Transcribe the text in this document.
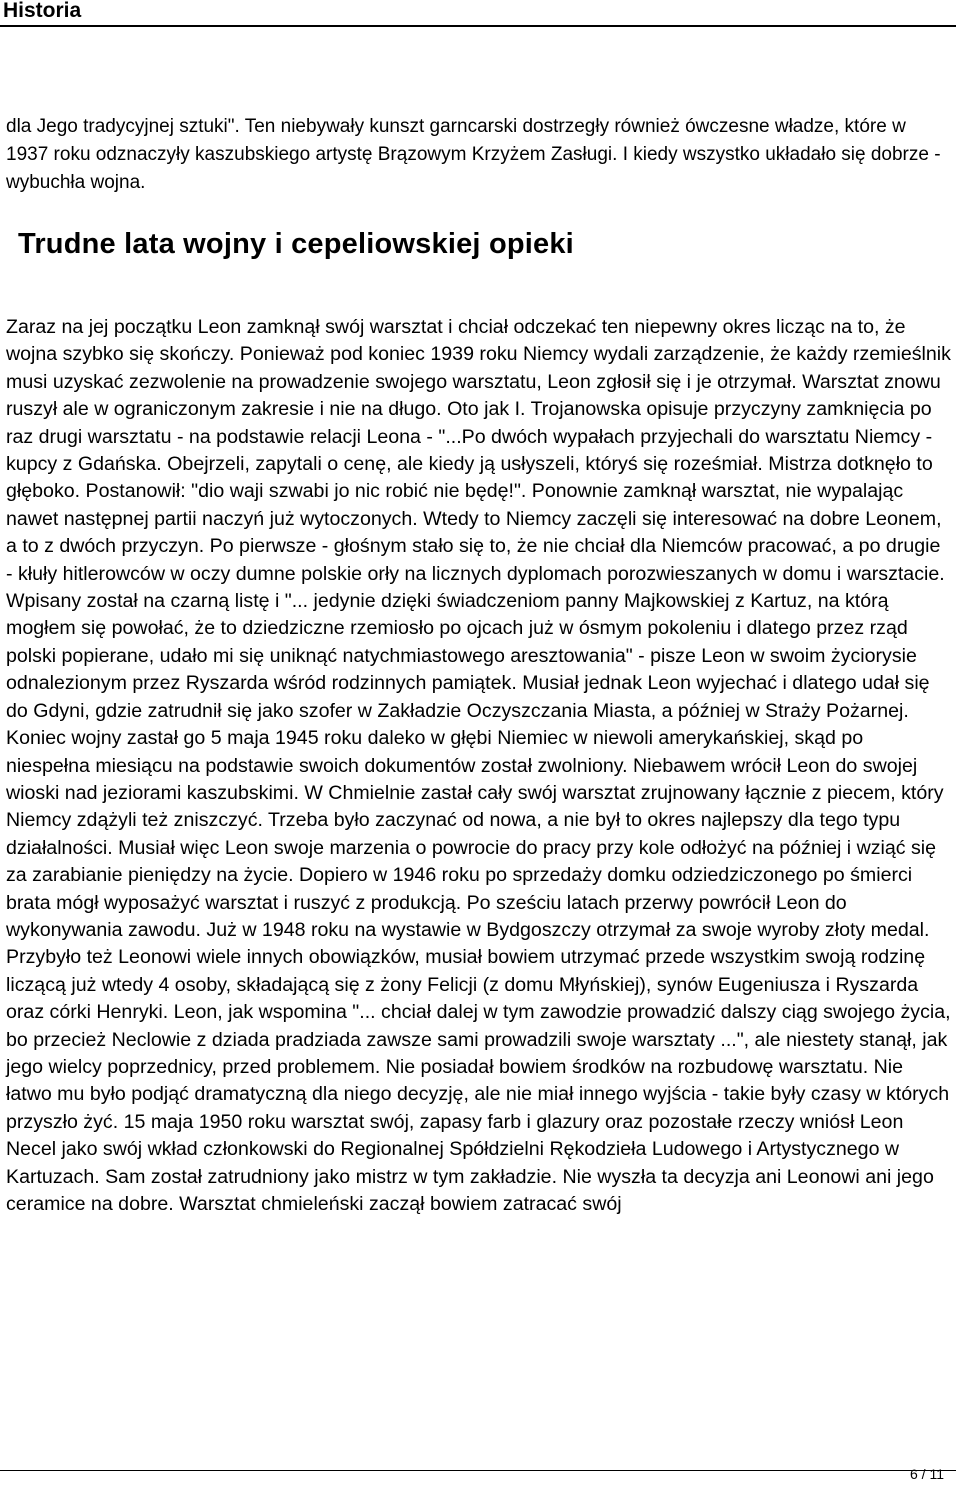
Historia

dla Jego tradycyjnej sztuki". Ten niebywały kunszt garncarski dostrzegły również ówczesne władze, które w 1937 roku odznaczyły kaszubskiego artystę Brązowym Krzyżem Zasługi. I kiedy wszystko układało się dobrze - wybuchła wojna.

Trudne lata wojny i cepeliowskiej opieki

Zaraz na jej początku Leon zamknął swój warsztat i chciał odczekać ten niepewny okres licząc na to, że wojna szybko się skończy. Ponieważ pod koniec 1939 roku Niemcy wydali zarządzenie, że każdy rzemieślnik musi uzyskać zezwolenie na prowadzenie swojego warsztatu, Leon zgłosił się i je otrzymał. Warsztat znowu ruszył ale w ograniczonym zakresie i nie na długo. Oto jak I. Trojanowska opisuje przyczyny zamknięcia po raz drugi warsztatu - na podstawie relacji Leona - "...Po dwóch wypałach przyjechali do warsztatu Niemcy - kupcy z Gdańska. Obejrzeli, zapytali o cenę, ale kiedy ją usłyszeli, któryś się roześmiał. Mistrza dotknęło to głęboko. Postanowił: "dio waji szwabi jo nic robić nie będę!". Ponownie zamknął warsztat, nie wypalając nawet następnej partii naczyń już wytoczonych. Wtedy to Niemcy zaczęli się interesować na dobre Leonem, a to z dwóch przyczyn. Po pierwsze - głośnym stało się to, że nie chciał dla Niemców pracować, a po drugie - kłuły hitlerowców w oczy dumne polskie orły na licznych dyplomach porozwieszanych w domu i warsztacie. Wpisany został na czarną listę i "... jedynie dzięki świadczeniom panny Majkowskiej z Kartuz, na którą mogłem się powołać, że to dziedziczne rzemiosło po ojcach już w ósmym pokoleniu i dlatego przez rząd polski popierane, udało mi się uniknąć natychmiastowego aresztowania" - pisze Leon w swoim życiorysie odnalezionym przez Ryszarda wśród rodzinnych pamiątek. Musiał jednak Leon wyjechać i dlatego udał się do Gdyni, gdzie zatrudnił się jako szofer w Zakładzie Oczyszczania Miasta, a później w Straży Pożarnej. Koniec wojny zastał go 5 maja 1945 roku daleko w głębi Niemiec w niewoli amerykańskiej, skąd po niespełna miesiącu na podstawie swoich dokumentów został zwolniony. Niebawem wrócił Leon do swojej wioski nad jeziorami kaszubskimi. W Chmielnie zastał cały swój warsztat zrujnowany łącznie z piecem, który Niemcy zdążyli też zniszczyć. Trzeba było zaczynać od nowa, a nie był to okres najlepszy dla tego typu działalności. Musiał więc Leon swoje marzenia o powrocie do pracy przy kole odłożyć na później i wziąć się za zarabianie pieniędzy na życie. Dopiero w 1946 roku po sprzedaży domku odziedziczonego po śmierci brata mógł wyposażyć warsztat i ruszyć z produkcją. Po sześciu latach przerwy powrócił Leon do wykonywania zawodu. Już w 1948 roku na wystawie w Bydgoszczy otrzymał za swoje wyroby złoty medal. Przybyło też Leonowi wiele innych obowiązków, musiał bowiem utrzymać przede wszystkim swoją rodzinę liczącą już wtedy 4 osoby, składającą się z żony Felicji (z domu Młyńskiej), synów Eugeniusza i Ryszarda oraz córki Henryki. Leon, jak wspomina "... chciał dalej w tym zawodzie prowadzić dalszy ciąg swojego życia, bo przecież Neclowie z dziada pradziada zawsze sami prowadzili swoje warsztaty ...", ale niestety stanął, jak jego wielcy poprzednicy, przed problemem. Nie posiadał bowiem środków na rozbudowę warsztatu. Nie łatwo mu było podjąć dramatyczną dla niego decyzję, ale nie miał innego wyjścia - takie były czasy w których przyszło żyć. 15 maja 1950 roku warsztat swój, zapasy farb i glazury oraz pozostałe rzeczy wniósł Leon Necel jako swój wkład członkowski do Regionalnej Spółdzielni Rękodzieła Ludowego i Artystycznego w Kartuzach. Sam został zatrudniony jako mistrz w tym zakładzie. Nie wyszła ta decyzja ani Leonowi ani jego ceramice na dobre. Warsztat chmieleński zaczął bowiem zatracać swój

6 / 11
